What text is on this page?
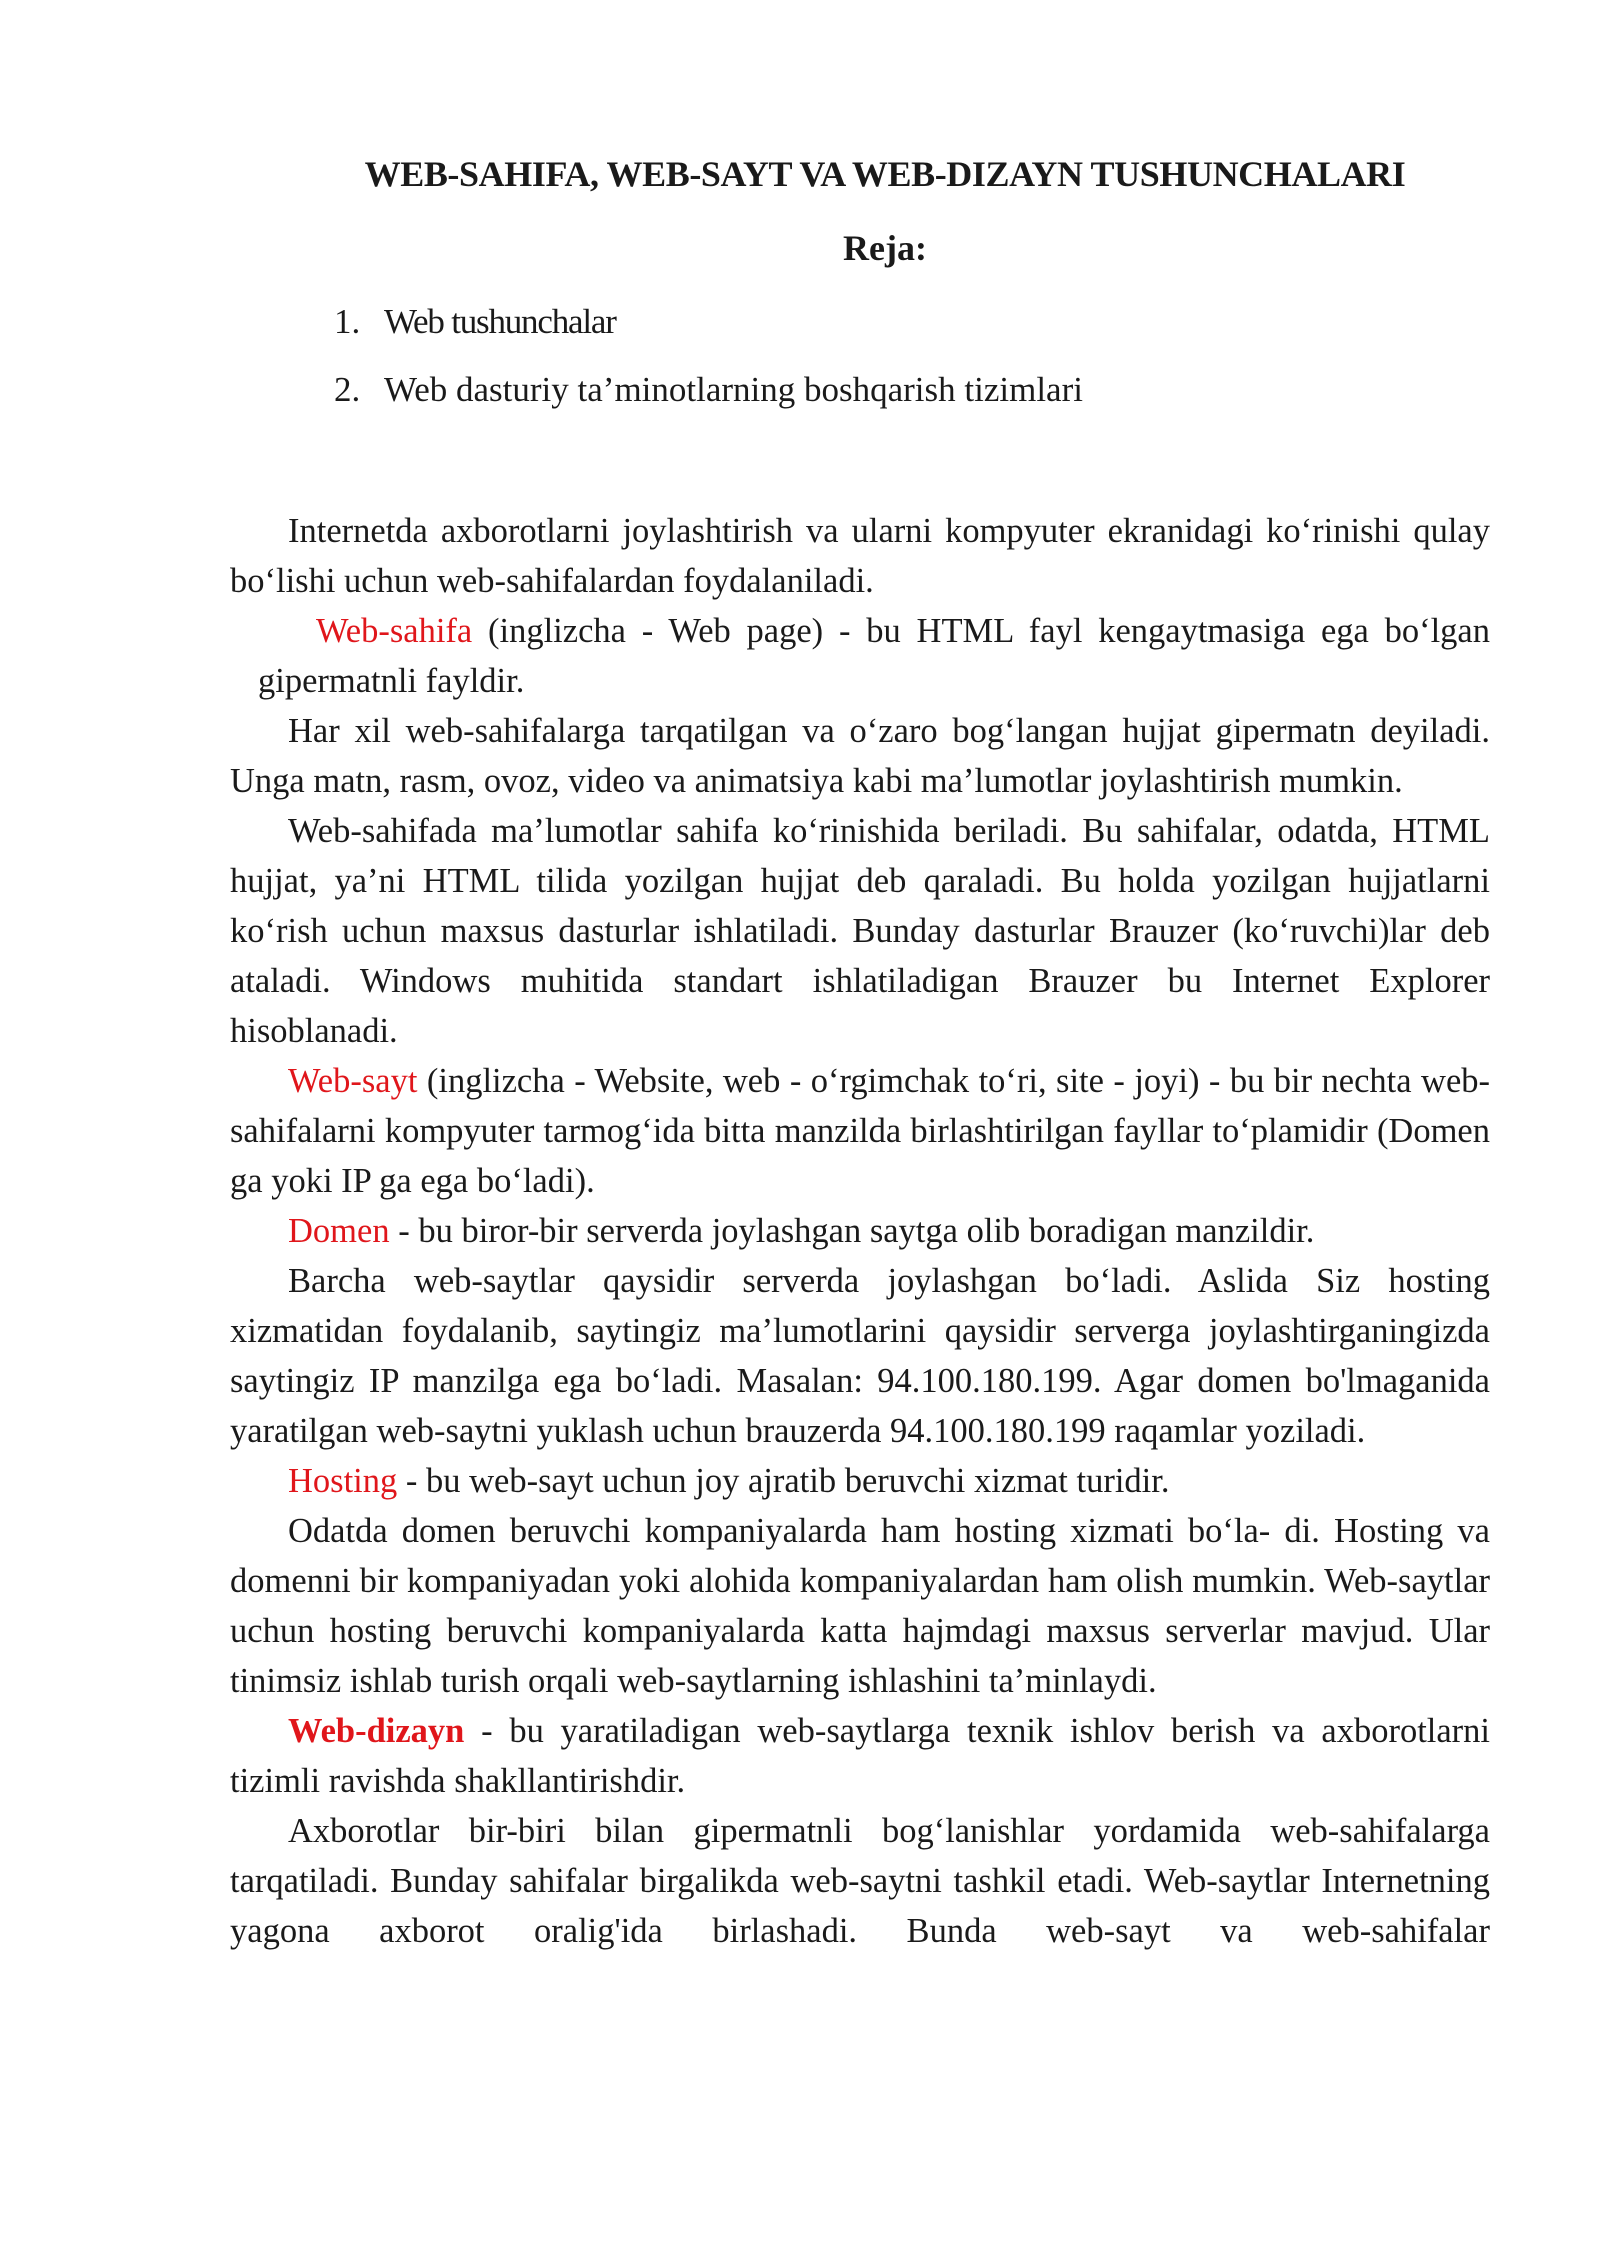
WEB-SAHIFA, WEB-SAYT VA WEB-DIZAYN TUSHUNCHALARI
Reja:
1. Web tushunchalar
2. Web dasturiy ta’minotlarning boshqarish tizimlari

Internetda axborotlarni joylashtirish va ularni kompyuter ekranidagi ko‘rinishi qulay bo‘lishi uchun web-sahifalardan foydalaniladi.

Web-sahifa (inglizcha - Web page) - bu HTML fayl kengaytmasiga ega bo‘lgan gipermatnli fayldir.

Har xil web-sahifalarga tarqatilgan va o‘zaro bog‘langan hujjat gipermatn deyiladi. Unga matn, rasm, ovoz, video va animatsiya kabi ma’lumotlar joylashtirish mumkin.

Web-sahifada ma’lumotlar sahifa ko‘rinishida beriladi. Bu sahifalar, odatda, HTML hujjat, ya’ni HTML tilida yozilgan hujjat deb qaraladi. Bu holda yozilgan hujjatlarni ko‘rish uchun maxsus dasturlar ishlatiladi. Bunday dasturlar Brauzer (ko‘ruvchi)lar deb ataladi. Windows muhitida standart ishlatiladigan Brauzer bu Internet Explorer hisoblanadi.

Web-sayt (inglizcha - Website, web - o‘rgimchak to‘ri, site - joyi) - bu bir nechta web-sahifalarni kompyuter tarmog‘ida bitta manzilda birlashtirilgan fayllar to‘plamidir (Domen ga yoki IP ga ega bo‘ladi).

Domen - bu biror-bir serverda joylashgan saytga olib boradigan manzildir.

Barcha web-saytlar qaysidir serverda joylashgan bo‘ladi. Aslida Siz hosting xizmatidan foydalanib, saytingiz ma’lumotlarini qaysidir serverga joylashtirganingizda saytingiz IP manzilga ega bo‘ladi. Masalan: 94.100.180.199. Agar domen bo'lmaganida yaratilgan web-saytni yuklash uchun brauzerda 94.100.180.199 raqamlar yoziladi.

Hosting - bu web-sayt uchun joy ajratib beruvchi xizmat turidir.

Odatda domen beruvchi kompaniyalarda ham hosting xizmati bo‘la- di. Hosting va domenni bir kompaniyadan yoki alohida kompaniyalardan ham olish mumkin. Web-saytlar uchun hosting beruvchi kompaniyalarda katta hajmdagi maxsus serverlar mavjud. Ular tinimsiz ishlab turish orqali web-saytlarning ishlashini ta’minlaydi.

Web-dizayn - bu yaratiladigan web-saytlarga texnik ishlov berish va axborotlarni tizimli ravishda shakllantirishdir.

Axborotlar bir-biri bilan gipermatnli bog‘lanishlar yordamida web-sahifalarga tarqatiladi. Bunday sahifalar birgalikda web-saytni tashkil etadi. Web-saytlar Internetning yagona axborot oralig'ida birlashadi. Bunda web-sayt va web-sahifalar
